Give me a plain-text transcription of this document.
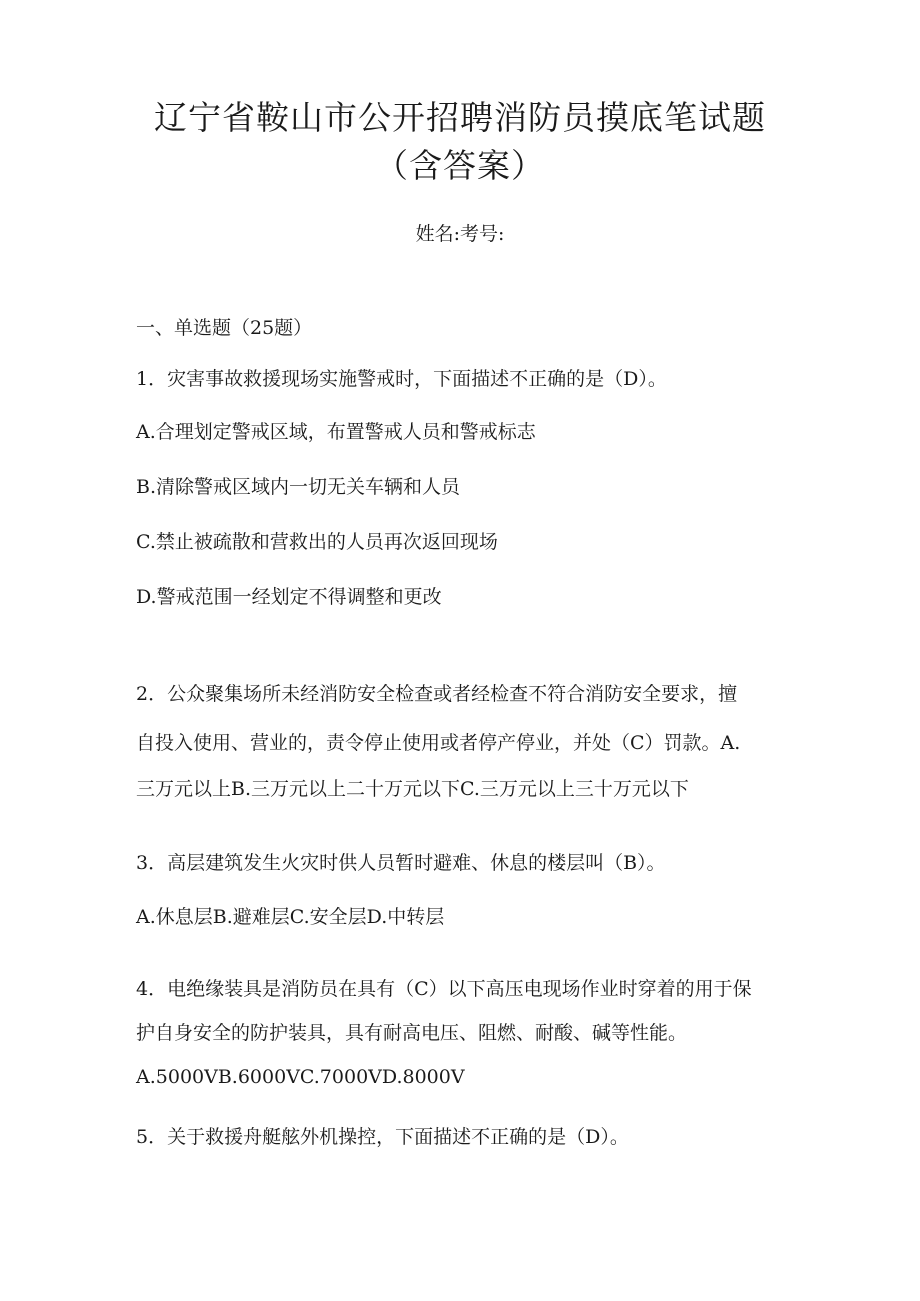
辽宁省鞍山市公开招聘消防员摸底笔试题
（含答案）
姓名:考号:
一、单选题（25题）
1．灾害事故救援现场实施警戒时，下面描述不正确的是（D）。
A.合理划定警戒区域，布置警戒人员和警戒标志
B.清除警戒区域内一切无关车辆和人员
C.禁止被疏散和营救出的人员再次返回现场
D.警戒范围一经划定不得调整和更改
2．公众聚集场所未经消防安全检查或者经检查不符合消防安全要求，擅
自投入使用、营业的，责令停止使用或者停产停业，并处（C）罚款。A.
三万元以上B.三万元以上二十万元以下C.三万元以上三十万元以下
3．高层建筑发生火灾时供人员暂时避难、休息的楼层叫（B）。
A.休息层B.避难层C.安全层D.中转层
4．电绝缘装具是消防员在具有（C）以下高压电现场作业时穿着的用于保
护自身安全的防护装具，具有耐高电压、阻燃、耐酸、碱等性能。
A.5000VB.6000VC.7000VD.8000V
5．关于救援舟艇舷外机操控，下面描述不正确的是（D）。
